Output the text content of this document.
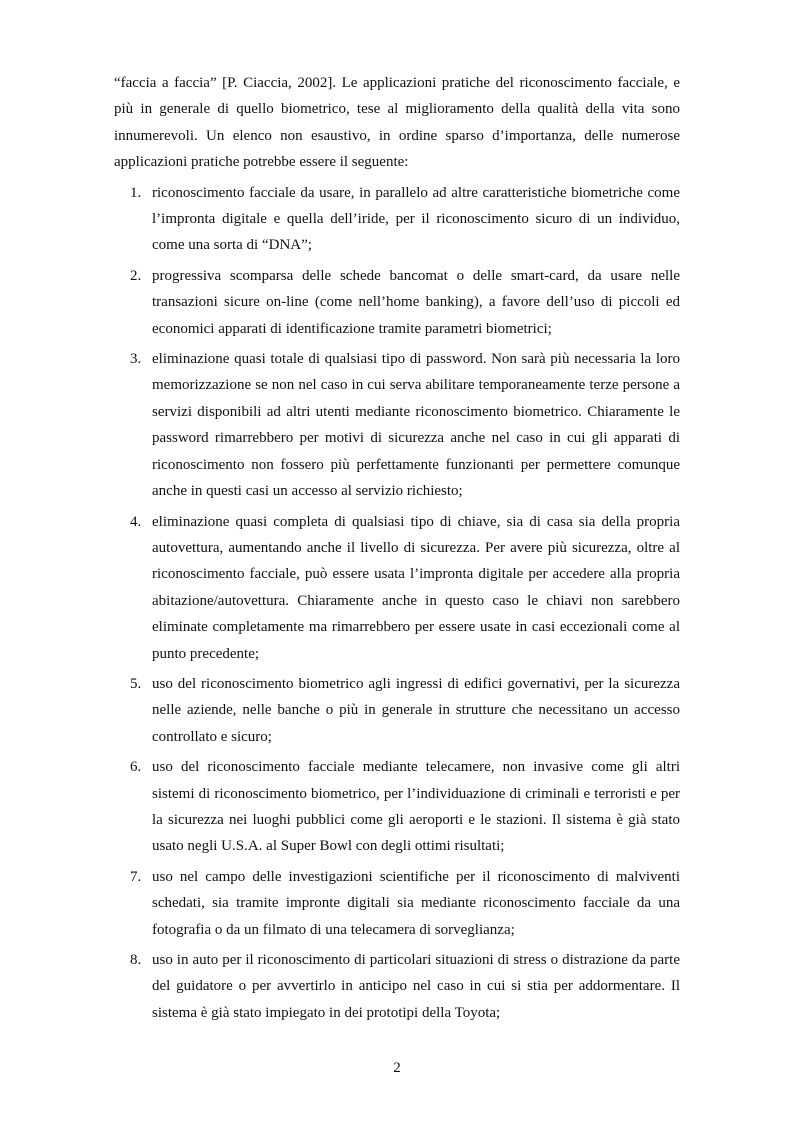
“faccia a faccia” [P. Ciaccia, 2002]. Le applicazioni pratiche del riconoscimento facciale, e più in generale di quello biometrico, tese al miglioramento della qualità della vita sono innumerevoli. Un elenco non esaustivo, in ordine sparso d’importanza, delle numerose applicazioni pratiche potrebbe essere il seguente:

1. riconoscimento facciale da usare, in parallelo ad altre caratteristiche biometriche come l’impronta digitale e quella dell’iride, per il riconoscimento sicuro di un individuo, come una sorta di “DNA”;
2. progressiva scomparsa delle schede bancomat o delle smart-card, da usare nelle transazioni sicure on-line (come nell’home banking), a favore dell’uso di piccoli ed economici apparati di identificazione tramite parametri biometrici;
3. eliminazione quasi totale di qualsiasi tipo di password. Non sarà più necessaria la loro memorizzazione se non nel caso in cui serva abilitare temporaneamente terze persone a servizi disponibili ad altri utenti mediante riconoscimento biometrico. Chiaramente le password rimarrebbero per motivi di sicurezza anche nel caso in cui gli apparati di riconoscimento non fossero più perfettamente funzionanti per permettere comunque anche in questi casi un accesso al servizio richiesto;
4. eliminazione quasi completa di qualsiasi tipo di chiave, sia di casa sia della propria autovettura, aumentando anche il livello di sicurezza. Per avere più sicurezza, oltre al riconoscimento facciale, può essere usata l’impronta digitale per accedere alla propria abitazione/autovettura. Chiaramente anche in questo caso le chiavi non sarebbero eliminate completamente ma rimarrebbero per essere usate in casi eccezionali come al punto precedente;
5. uso del riconoscimento biometrico agli ingressi di edifici governativi, per la sicurezza nelle aziende, nelle banche o più in generale in strutture che necessitano un accesso controllato e sicuro;
6. uso del riconoscimento facciale mediante telecamere, non invasive come gli altri sistemi di riconoscimento biometrico, per l’individuazione di criminali e terroristi e per la sicurezza nei luoghi pubblici come gli aeroporti e le stazioni. Il sistema è già stato usato negli U.S.A. al Super Bowl con degli ottimi risultati;
7. uso nel campo delle investigazioni scientifiche per il riconoscimento di malviventi schedati, sia tramite impronte digitali sia mediante riconoscimento facciale da una fotografia o da un filmato di una telecamera di sorveglianza;
8. uso in auto per il riconoscimento di particolari situazioni di stress o distrazione da parte del guidatore o per avvertirlo in anticipo nel caso in cui si stia per addormentare. Il sistema è già stato impiegato in dei prototipi della Toyota;
2
